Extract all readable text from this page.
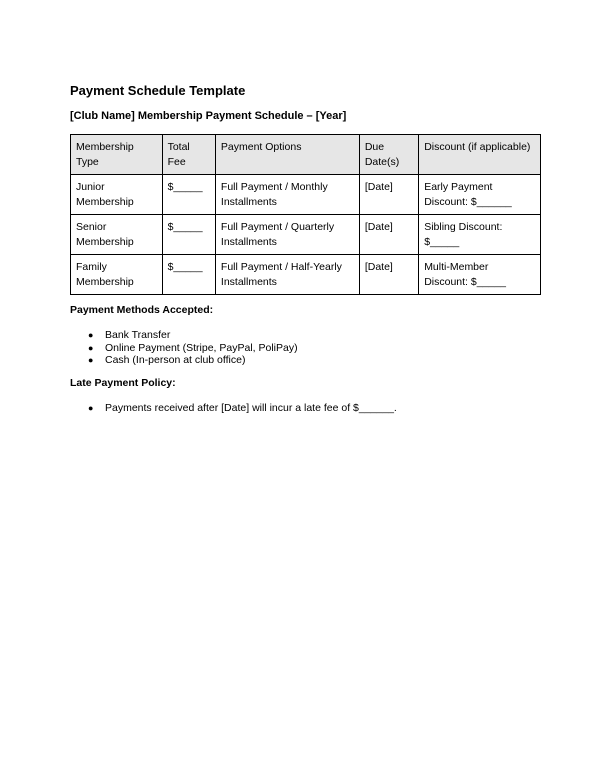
Payment Schedule Template
[Club Name] Membership Payment Schedule – [Year]
Membership Type	Total Fee	Payment Options	Due Date(s)	Discount (if applicable)
Junior Membership	$_____	Full Payment / Monthly Installments	[Date]	Early Payment Discount: $______
Senior Membership	$_____	Full Payment / Quarterly Installments	[Date]	Sibling Discount: $_____
Family Membership	$_____	Full Payment / Half-Yearly Installments	[Date]	Multi-Member Discount: $_____
Payment Methods Accepted:
● Bank Transfer
● Online Payment (Stripe, PayPal, PoliPay)
● Cash (In-person at club office)
Late Payment Policy:
● Payments received after [Date] will incur a late fee of $______.
